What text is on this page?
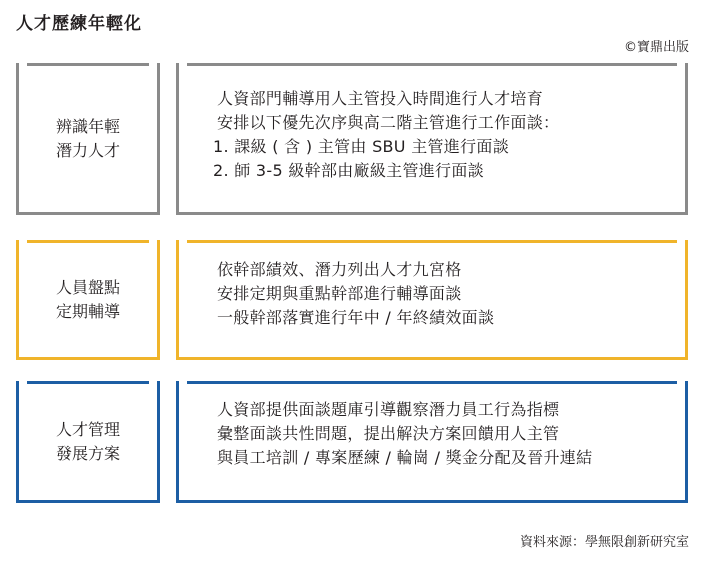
人才歷練年輕化
©寶鼎出版
辨識年輕
潛力人才
人資部門輔導用人主管投入時間進行人才培育
安排以下優先次序與高二階主管進行工作面談：
1. 課級 ( 含 ) 主管由 SBU 主管進行面談
2. 師 3-5 級幹部由廠級主管進行面談
人員盤點
定期輔導
依幹部績效、潛力列出人才九宮格
安排定期與重點幹部進行輔導面談
一般幹部落實進行年中 / 年終績效面談
人才管理
發展方案
人資部提供面談題庫引導觀察潛力員工行為指標
彙整面談共性問題，提出解決方案回饋用人主管
與員工培訓 / 專案歷練 / 輪崗 / 獎金分配及晉升連結
資料來源：學無限創新研究室
